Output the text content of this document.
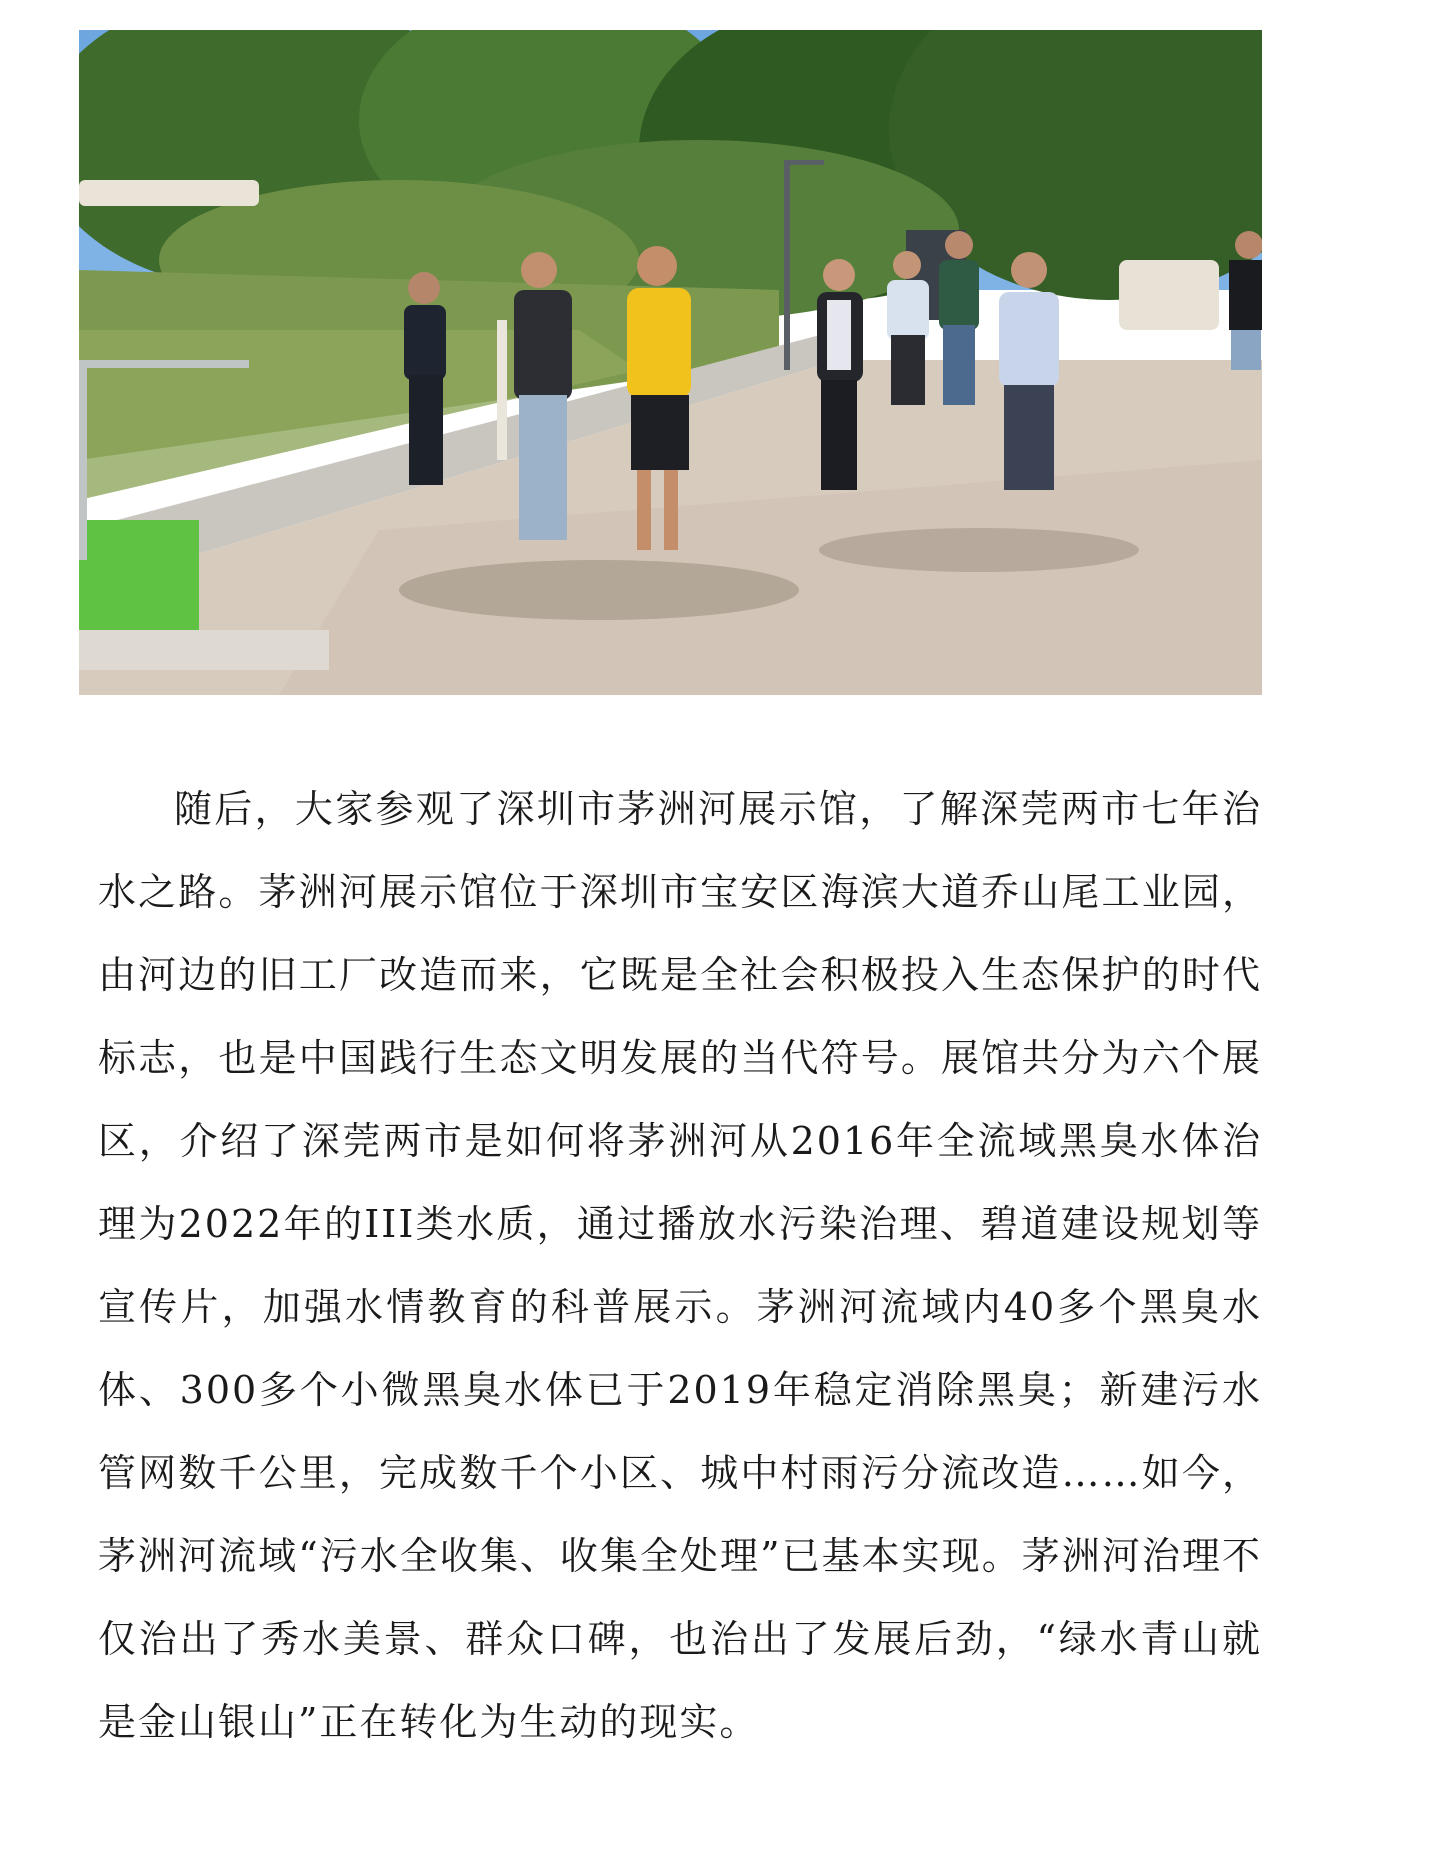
随后，大家参观了深圳市茅洲河展示馆，了解深莞两市七年治水之路。茅洲河展示馆位于深圳市宝安区海滨大道乔山尾工业园，由河边的旧工厂改造而来，它既是全社会积极投入生态保护的时代标志，也是中国践行生态文明发展的当代符号。展馆共分为六个展区，介绍了深莞两市是如何将茅洲河从2016年全流域黑臭水体治理为2022年的III类水质，通过播放水污染治理、碧道建设规划等宣传片，加强水情教育的科普展示。茅洲河流域内40多个黑臭水体、300多个小微黑臭水体已于2019年稳定消除黑臭；新建污水管网数千公里，完成数千个小区、城中村雨污分流改造……如今，茅洲河流域“污水全收集、收集全处理”已基本实现。茅洲河治理不仅治出了秀水美景、群众口碑，也治出了发展后劲，“绿水青山就是金山银山”正在转化为生动的现实。
